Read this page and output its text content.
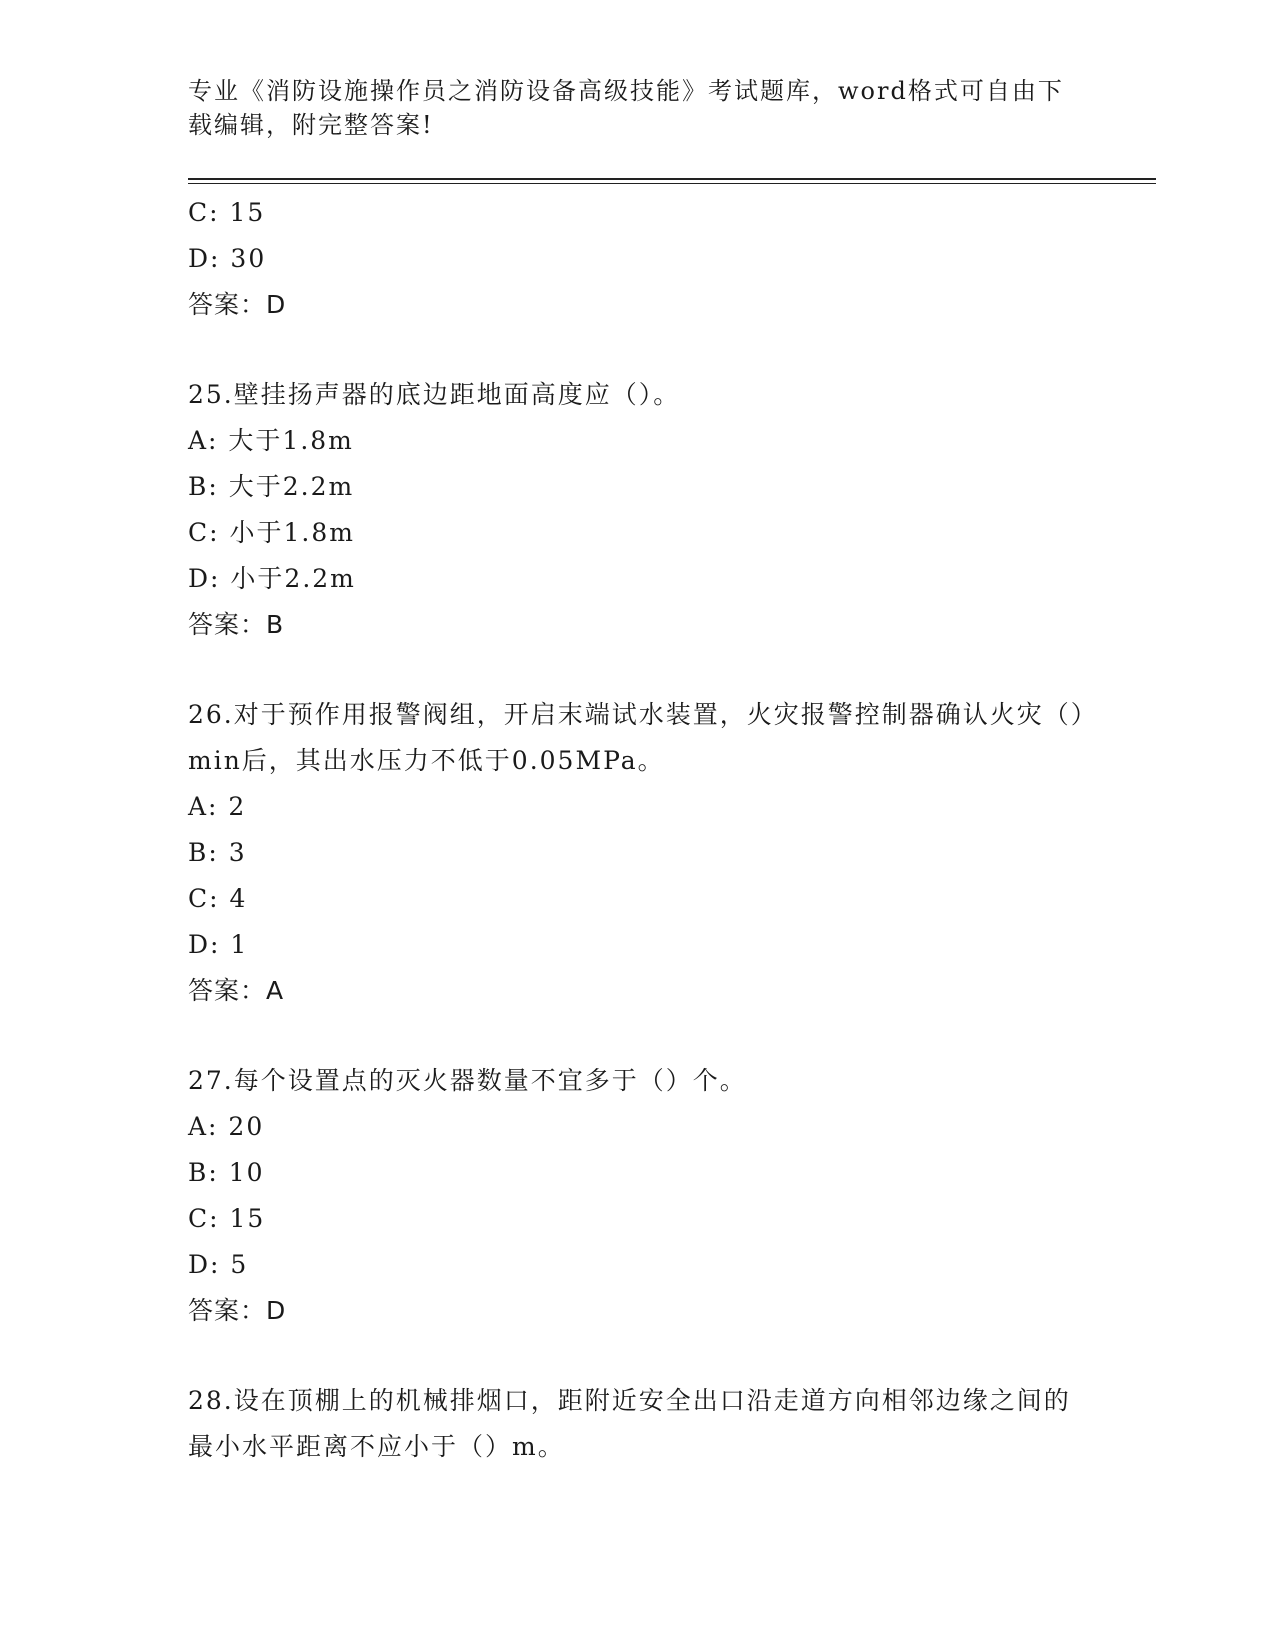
专业《消防设施操作员之消防设备高级技能》考试题库，word格式可自由下载编辑，附完整答案!
C: 15
D: 30
答案：D
25.壁挂扬声器的底边距地面高度应（）。
A: 大于1.8m
B: 大于2.2m
C: 小于1.8m
D: 小于2.2m
答案：B
26.对于预作用报警阀组，开启末端试水装置，火灾报警控制器确认火灾（）min后，其出水压力不低于0.05MPa。
A: 2
B: 3
C: 4
D: 1
答案：A
27.每个设置点的灭火器数量不宜多于（）个。
A: 20
B: 10
C: 15
D: 5
答案：D
28.设在顶棚上的机械排烟口，距附近安全出口沿走道方向相邻边缘之间的最小水平距离不应小于（）m。
